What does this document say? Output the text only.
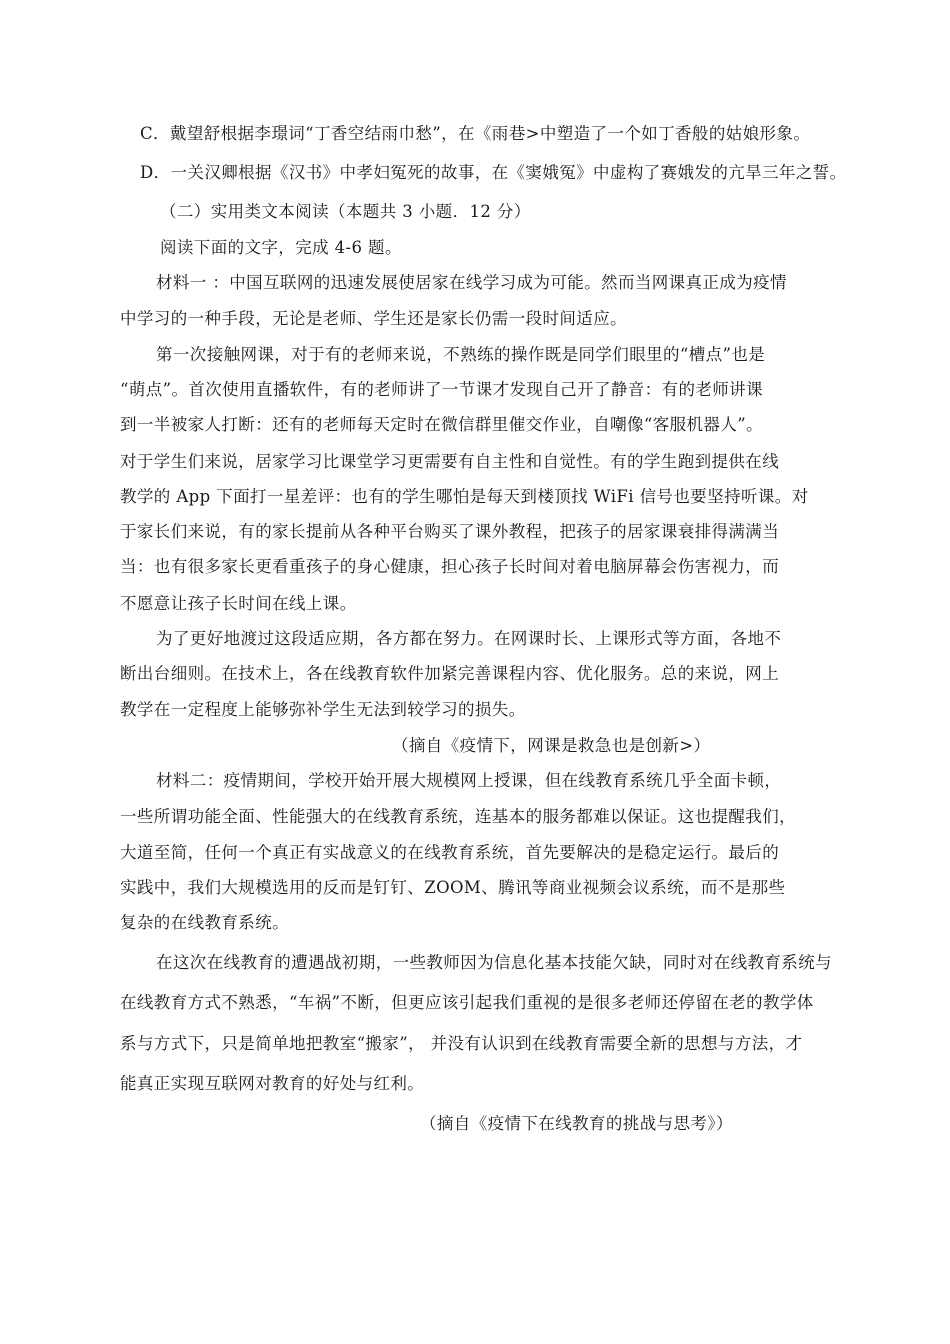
C．戴望舒根据李璟词“丁香空结雨巾愁”，在《雨巷>中塑造了一个如丁香般的姑娘形象。
D．一关汉卿根据《汉书》中孝妇冤死的故事，在《窦娥冤》中虚构了赛娥发的亢旱三年之誓。
（二）实用类文本阅读（本题共 3 小题．12 分）
阅读下面的文字，完成 4-6 题。
材料一 ：中国互联网的迅速发展使居家在线学习成为可能。然而当网课真正成为疫情
中学习的一种手段，无论是老师、学生还是家长仍需一段时间适应。
第一次接触网课，对于有的老师来说，不熟练的操作既是同学们眼里的“槽点”也是
“萌点”。首次使用直播软件，有的老师讲了一节课才发现自己开了静音：有的老师讲课
到一半被家人打断：还有的老师每天定时在微信群里催交作业，自嘲像“客服机器人”。
对于学生们来说，居家学习比课堂学习更需要有自主性和自觉性。有的学生跑到提供在线
教学的 App 下面打一星差评：也有的学生哪怕是每天到楼顶找 WiFi 信号也要坚持听课。对
于家长们来说，有的家长提前从各种平台购买了课外教程，把孩子的居家课衰排得满满当
当：也有很多家长更看重孩子的身心健康，担心孩子长时间对着电脑屏幕会伤害视力，而
不愿意让孩子长时间在线上课。
为了更好地渡过这段适应期，各方都在努力。在网课时长、上课形式等方面，各地不
断出台细则。在技术上，各在线教育软件加紧完善课程内容、优化服务。总的来说，网上
教学在一定程度上能够弥补学生无法到较学习的损失。
（摘自《疫情下，网课是救急也是创新>）
材料二：疫情期间，学校开始开展大规模网上授课，但在线教育系统几乎全面卡顿，
一些所谓功能全面、性能强大的在线教育系统，连基本的服务都难以保证。这也提醒我们，
大道至简，任何一个真正有实战意义的在线教育系统，首先要解决的是稳定运行。最后的
实践中，我们大规模选用的反而是钉钉、ZOOM、腾讯等商业视频会议系统，而不是那些
复杂的在线教育系统。
在这次在线教育的遭遇战初期，一些教师因为信息化基本技能欠缺，同时对在线教育系统与
在线教育方式不熟悉，“车祸”不断，但更应该引起我们重视的是很多老师还停留在老的教学体
系与方式下，只是简单地把教室“搬家”， 并没有认识到在线教育需要全新的思想与方法，才
能真正实现互联网对教育的好处与红利。
（摘自《疫情下在线教育的挑战与思考》）
